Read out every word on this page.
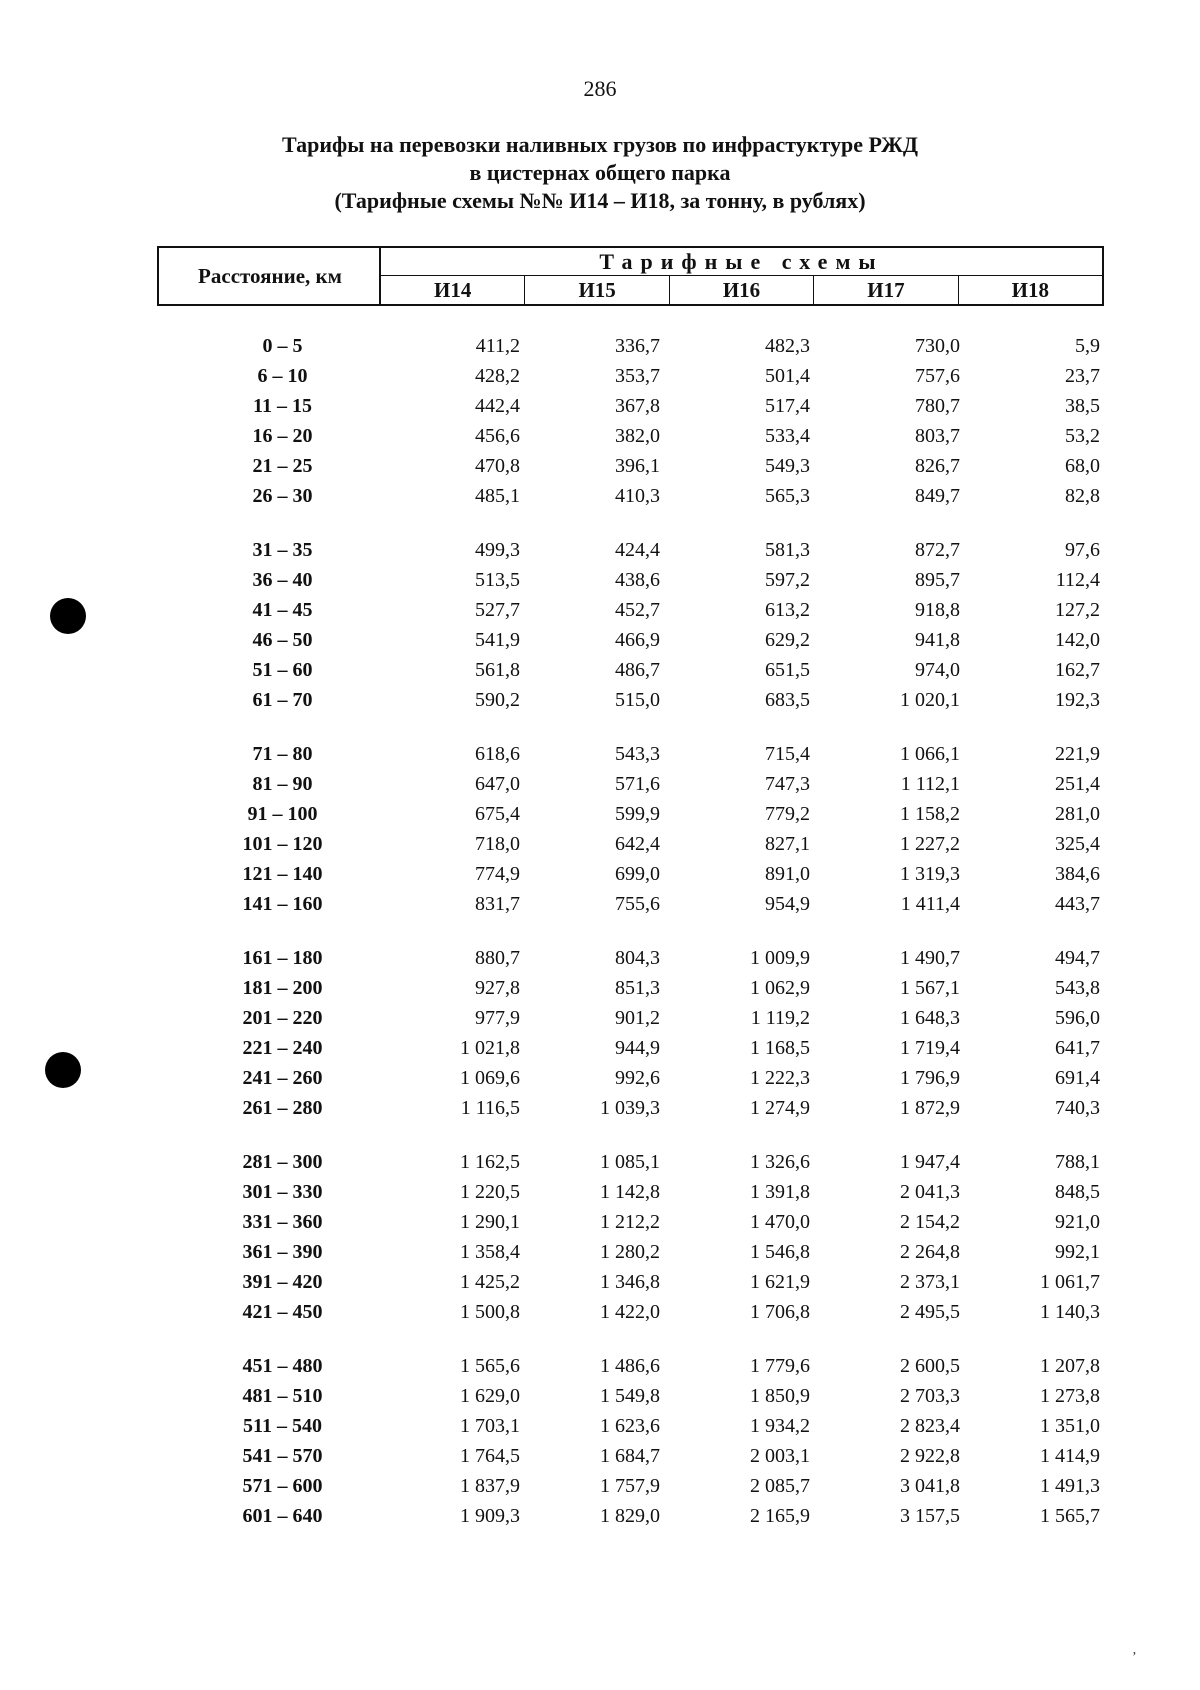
286
Тарифы на перевозки наливных грузов по инфрастуктуре РЖД
в цистернах общего парка
(Тарифные схемы №№ И14 – И18, за тонну, в рублях)
’
Расстояние, км
Тарифные схемы
И14	И15	И16	И17	И18
0 – 5	411,2	336,7	482,3	730,0	5,9
6 – 10	428,2	353,7	501,4	757,6	23,7
11 – 15	442,4	367,8	517,4	780,7	38,5
16 – 20	456,6	382,0	533,4	803,7	53,2
21 – 25	470,8	396,1	549,3	826,7	68,0
26 – 30	485,1	410,3	565,3	849,7	82,8
31 – 35	499,3	424,4	581,3	872,7	97,6
36 – 40	513,5	438,6	597,2	895,7	112,4
41 – 45	527,7	452,7	613,2	918,8	127,2
46 – 50	541,9	466,9	629,2	941,8	142,0
51 – 60	561,8	486,7	651,5	974,0	162,7
61 – 70	590,2	515,0	683,5	1 020,1	192,3
71 – 80	618,6	543,3	715,4	1 066,1	221,9
81 – 90	647,0	571,6	747,3	1 112,1	251,4
91 – 100	675,4	599,9	779,2	1 158,2	281,0
101 – 120	718,0	642,4	827,1	1 227,2	325,4
121 – 140	774,9	699,0	891,0	1 319,3	384,6
141 – 160	831,7	755,6	954,9	1 411,4	443,7
161 – 180	880,7	804,3	1 009,9	1 490,7	494,7
181 – 200	927,8	851,3	1 062,9	1 567,1	543,8
201 – 220	977,9	901,2	1 119,2	1 648,3	596,0
221 – 240	1 021,8	944,9	1 168,5	1 719,4	641,7
241 – 260	1 069,6	992,6	1 222,3	1 796,9	691,4
261 – 280	1 116,5	1 039,3	1 274,9	1 872,9	740,3
281 – 300	1 162,5	1 085,1	1 326,6	1 947,4	788,1
301 – 330	1 220,5	1 142,8	1 391,8	2 041,3	848,5
331 – 360	1 290,1	1 212,2	1 470,0	2 154,2	921,0
361 – 390	1 358,4	1 280,2	1 546,8	2 264,8	992,1
391 – 420	1 425,2	1 346,8	1 621,9	2 373,1	1 061,7
421 – 450	1 500,8	1 422,0	1 706,8	2 495,5	1 140,3
451 – 480	1 565,6	1 486,6	1 779,6	2 600,5	1 207,8
481 – 510	1 629,0	1 549,8	1 850,9	2 703,3	1 273,8
511 – 540	1 703,1	1 623,6	1 934,2	2 823,4	1 351,0
541 – 570	1 764,5	1 684,7	2 003,1	2 922,8	1 414,9
571 – 600	1 837,9	1 757,9	2 085,7	3 041,8	1 491,3
601 – 640	1 909,3	1 829,0	2 165,9	3 157,5	1 565,7
